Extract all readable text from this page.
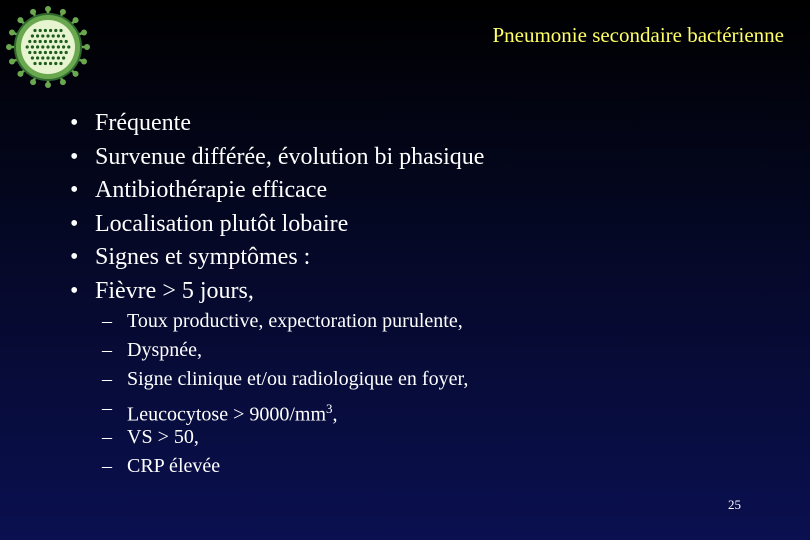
Pneumonie secondaire bactérienne
• Fréquente
• Survenue différée, évolution bi phasique
• Antibiothérapie efficace
• Localisation plutôt lobaire
• Signes et symptômes :
• Fièvre > 5 jours,
– Toux productive, expectoration purulente,
– Dyspnée,
– Signe clinique et/ou radiologique en foyer,
– Leucocytose > $9000/mm^3$,
– VS > 50,
– CRP élevée
25
